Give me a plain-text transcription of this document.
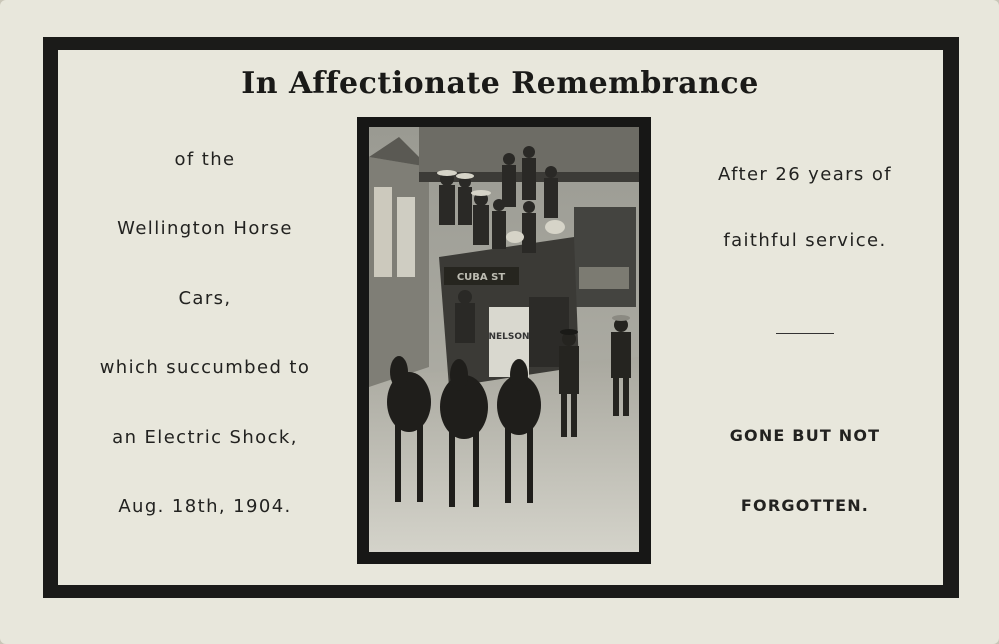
In Affectionate Remembrance
of the
Wellington Horse
Cars,
which succumbed to
an Electric Shock,
Aug. 18th, 1904.
After 26 years of
faithful service.
GONE BUT NOT
FORGOTTEN.
CUBA ST
NELSON
